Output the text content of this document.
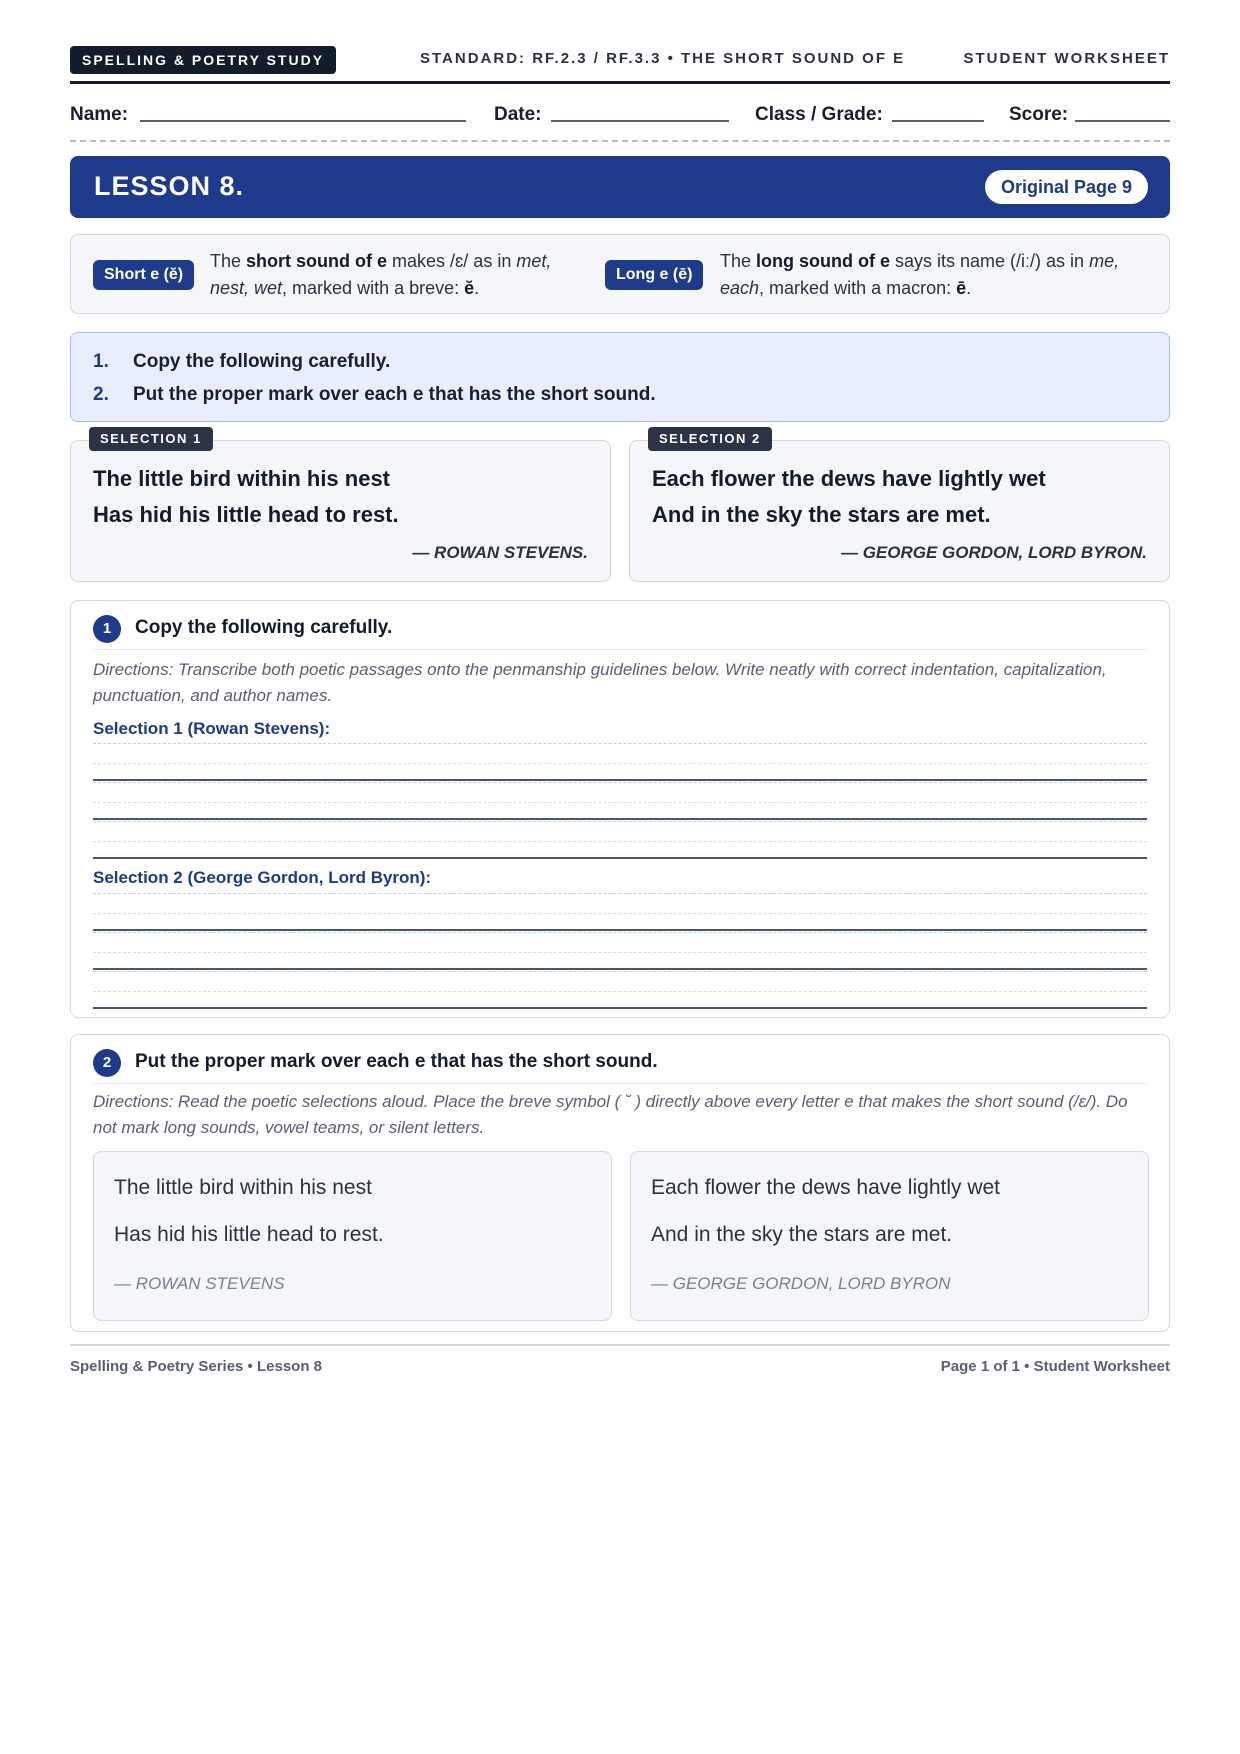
SPELLING & POETRY STUDY	STANDARD: RF.2.3 / RF.3.3 • THE SHORT SOUND OF E	STUDENT WORKSHEET
Name:	Date:	Class / Grade:	Score:
LESSON 8.	Original Page 9
Short e (ĕ)
The short sound of e makes /ɛ/ as in met,
nest, wet, marked with a breve: ĕ.
Long e (ē)
The long sound of e says its name (/iː/) as in me,
each, marked with a macron: ē.
1. Copy the following carefully.
2. Put the proper mark over each e that has the short sound.
SELECTION 1
The little bird within his nest
Has hid his little head to rest.
— ROWAN STEVENS.
SELECTION 2
Each flower the dews have lightly wet
And in the sky the stars are met.
— GEORGE GORDON, LORD BYRON.
1	Copy the following carefully.
Directions: Transcribe both poetic passages onto the penmanship guidelines below. Write neatly with correct indentation, capitalization, punctuation, and author names.
Selection 1 (Rowan Stevens):
Selection 2 (George Gordon, Lord Byron):
2	Put the proper mark over each e that has the short sound.
Directions: Read the poetic selections aloud. Place the breve symbol ( ˘ ) directly above every letter e that makes the short sound (/ɛ/). Do not mark long sounds, vowel teams, or silent letters.
The little bird within his nest
Has hid his little head to rest.
— ROWAN STEVENS
Each flower the dews have lightly wet
And in the sky the stars are met.
— GEORGE GORDON, LORD BYRON
Spelling & Poetry Series • Lesson 8	Page 1 of 1 • Student Worksheet
